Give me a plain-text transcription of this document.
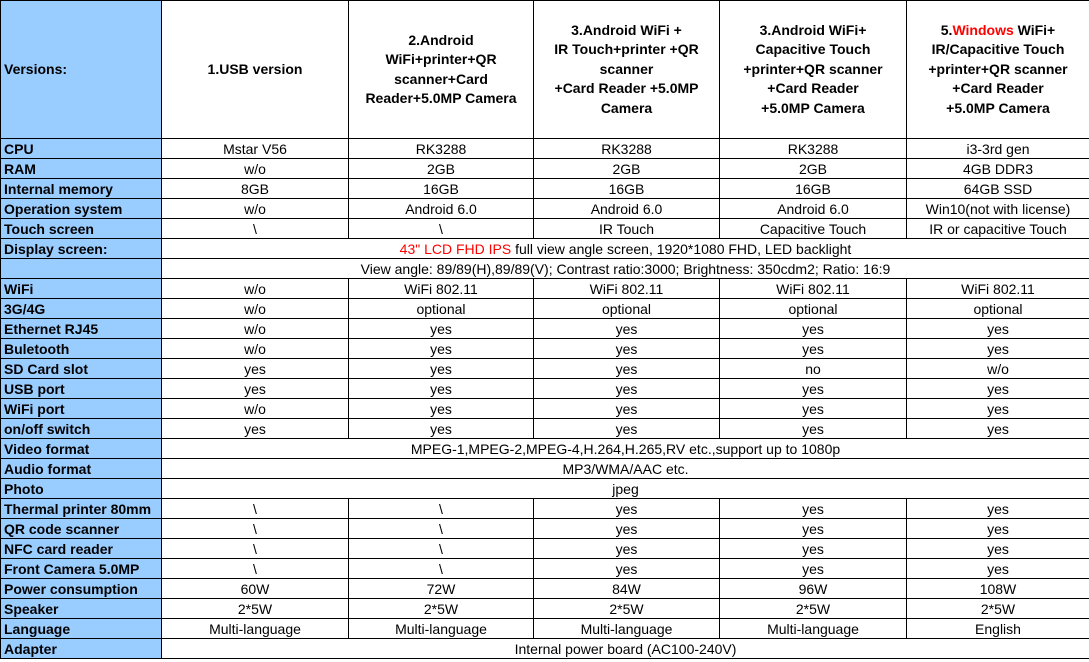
Versions:	1.USB version	2.Android
WiFi+printer+QR
scanner+Card
Reader+5.0MP Camera	3.Android WiFi +
IR Touch+printer +QR
scanner
+Card Reader +5.0MP
Camera	3.Android WiFi+
Capacitive Touch
+printer+QR scanner
+Card Reader
+5.0MP Camera	5.Windows WiFi+
IR/Capacitive Touch
+printer+QR scanner
+Card Reader
+5.0MP Camera
CPU	Mstar V56	RK3288	RK3288	RK3288	i3-3rd gen
RAM	w/o	2GB	2GB	2GB	4GB DDR3
Internal memory	8GB	16GB	16GB	16GB	64GB SSD
Operation system	w/o	Android 6.0	Android 6.0	Android 6.0	Win10(not with license)
Touch screen	\	\	IR Touch	Capacitive Touch	IR or capacitive Touch
Display screen:	43" LCD FHD IPS full view angle screen, 1920*1080 FHD, LED backlight				
	View angle: 89/89(H),89/89(V); Contrast ratio:3000; Brightness: 350cdm2; Ratio: 16:9				
WiFi	w/o	WiFi 802.11	WiFi 802.11	WiFi 802.11	WiFi 802.11
3G/4G	w/o	optional	optional	optional	optional
Ethernet RJ45	w/o	yes	yes	yes	yes
Buletooth	w/o	yes	yes	yes	yes
SD Card slot	yes	yes	yes	no	w/o
USB port	yes	yes	yes	yes	yes
WiFi port	w/o	yes	yes	yes	yes
on/off switch	yes	yes	yes	yes	yes
Video format	MPEG-1,MPEG-2,MPEG-4,H.264,H.265,RV etc.,support up to 1080p				
Audio format	MP3/WMA/AAC etc.				
Photo	jpeg				
Thermal printer 80mm	\	\	yes	yes	yes
QR code scanner	\	\	yes	yes	yes
NFC card reader	\	\	yes	yes	yes
Front Camera 5.0MP	\	\	yes	yes	yes
Power consumption	60W	72W	84W	96W	108W
Speaker	2*5W	2*5W	2*5W	2*5W	2*5W
Language	Multi-language	Multi-language	Multi-language	Multi-language	English
Adapter	Internal power board (AC100-240V)				
